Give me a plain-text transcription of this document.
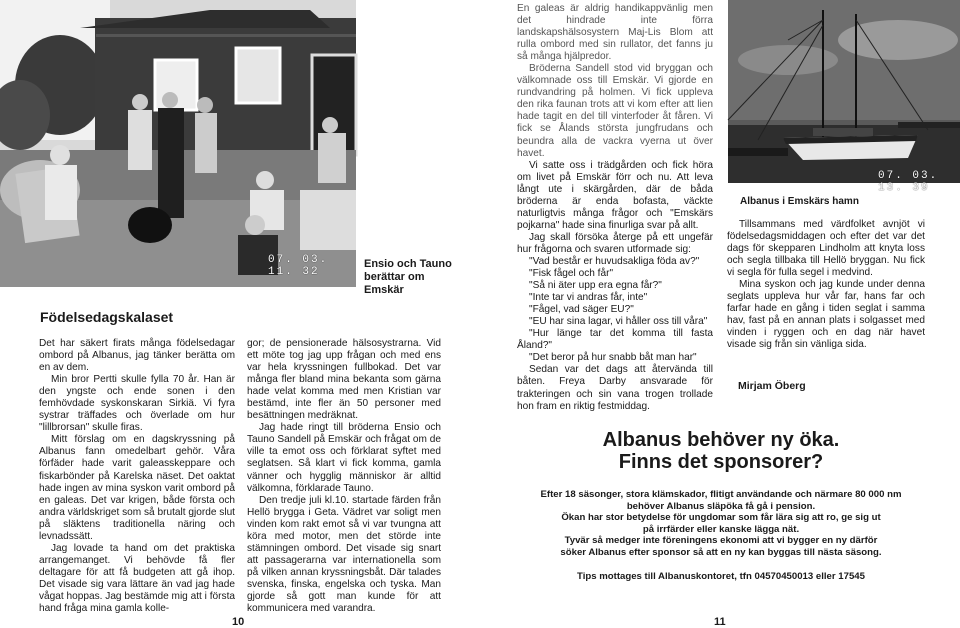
07. 03. 11. 32
Födelsedagskalaset

Det har säkert firats många födelsedagar ombord på Albanus, jag tänker berätta om en av dem.

Min bror Pertti skulle fylla 70 år. Han är den yngste och ende sonen i den femhövdade syskonskaran Sirkiä. Vi fyra systrar träffades och överlade om hur "lillbrorsan" skulle firas.

Mitt förslag om en dagskryssning på Albanus fann omedelbart gehör. Våra förfäder hade varit galeasskeppare och fiskarbönder på Karelska näset. Det oaktat hade ingen av mina syskon varit ombord på en galeas. Det var krigen, både första och andra världskriget som så brutalt gjorde slut på släktens traditionella näring och levnadssätt.

Jag lovade ta hand om det praktiska arrangemanget. Vi behövde få fler deltagare för att få budgeten att gå ihop. Det visade sig vara lättare än vad jag hade vågat hoppas. Jag bestämde mig att i första hand fråga mina gamla kolle-

Ensio och Tauno berättar om Emskär

gor; de pensionerade hälsosystrarna. Vid ett möte tog jag upp frågan och med ens var hela kryssningen fullbokad. Det var många fler bland mina bekanta som gärna hade velat komma med men Kristian var bestämd, inte fler än 50 personer med besättningen medräknat.

Jag hade ringt till bröderna Ensio och Tauno Sandell på Emskär och frågat om de ville ta emot oss och förklarat syftet med seglatsen. Så klart vi fick komma, gamla vänner och hygglig människor är alltid välkomna, förklarade Tauno.

Den tredje juli kl.10. startade färden från Hellö brygga i Geta. Vädret var soligt men vinden kom rakt emot så vi var tvungna att köra med motor, men det störde inte stämningen ombord. Det visade sig snart att passagerarna var internationella som på vilken annan kryssningsbåt. Där talades svenska, finska, engelska och tyska. Man gjorde så gott man kunde för att kommunicera med varandra.

10

En galeas är aldrig handikappvänlig men det hindrade inte förra landskapshälsosystern Maj-Lis Blom att rulla ombord med sin rullator, det fanns ju så många hjälpredor.

Bröderna Sandell stod vid bryggan och välkomnade oss till Emskär. Vi gjorde en rundvandring på holmen. Vi fick uppleva den rika faunan trots att vi kom efter att lien hade tagit en del till vinterfoder åt fåren. Vi fick se Ålands största jungfrudans och beundra alla de vackra vyerna ut över havet.

Vi satte oss i trädgården och fick höra om livet på Emskär förr och nu. Att leva långt ute i skärgården, där de båda bröderna är enda bofasta, väckte naturligtvis många frågor och "Emskärs pojkarna" hade sina finurliga svar på allt.

Jag skall försöka återge på ett ungefär hur frågorna och svaren utformade sig:

"Vad består er huvudsakliga föda av?"

"Fisk fågel och får"

"Så ni äter upp era egna får?"

"Inte tar vi andras får, inte"

"Fågel, vad säger EU?"

"EU har sina lagar, vi håller oss till våra"

"Hur länge tar det komma till fasta Åland?"

"Det beror på hur snabb båt man har"

Sedan var det dags att återvända till båten. Freya Darby ansvarade för trakteringen och sin vana trogen trollade hon fram en riktig festmiddag.

07. 03. 13. 39
Albanus i Emskärs hamn

Tillsammans med värdfolket avnjöt vi födelsedagsmiddagen och efter det var det dags för skepparen Lindholm att knyta loss och segla tillbaka till Hellö bryggan. Nu fick vi segla för fulla segel i medvind.

Mina syskon och jag kunde under denna seglats uppleva hur vår far, hans far och farfar hade en gång i tiden seglat i samma hav, fast på en annan plats i solgasset med vinden i ryggen och en dag när havet visade sig från sin vänliga sida.

Mirjam Öberg
Albanus behöver ny öka.
Finns det sponsorer?
Efter 18 säsonger, stora klämskador, flitigt användande och närmare 80 000 nm
behöver Albanus släpöka få gå i pension.
Ökan har stor betydelse för ungdomar som får lära sig att ro, ge sig ut
på irrfärder eller kanske lägga nät.
Tyvär så medger inte föreningens ekonomi att vi bygger en ny därför
söker Albanus efter sponsor så att en ny kan byggas till nästa säsong.
Tips mottages till Albanuskontoret, tfn 04570450013 eller 17545
11
